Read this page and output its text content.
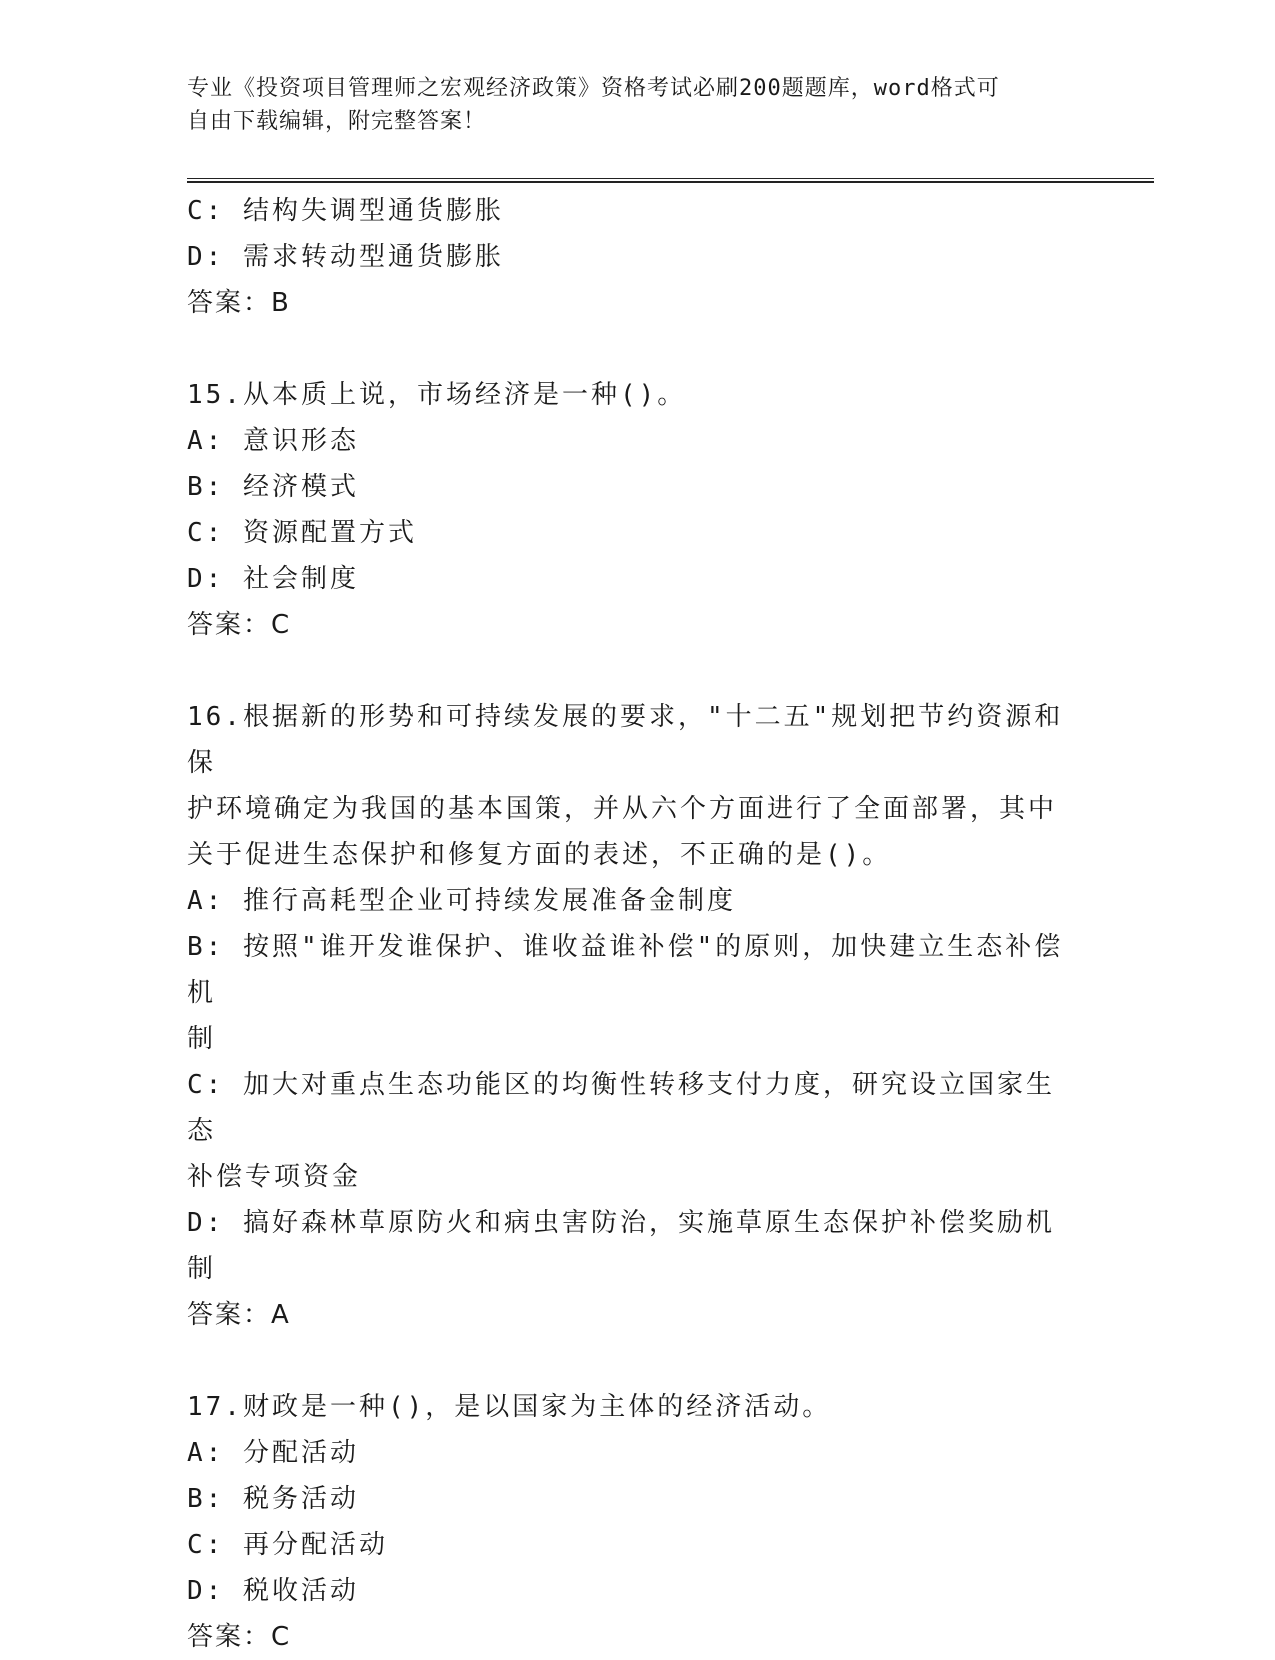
专业《投资项目管理师之宏观经济政策》资格考试必刷200题题库，word格式可
自由下载编辑，附完整答案！
C: 结构失调型通货膨胀
D: 需求转动型通货膨胀
答案：B
15.从本质上说，市场经济是一种()。
A: 意识形态
B: 经济模式
C: 资源配置方式
D: 社会制度
答案：C
16.根据新的形势和可持续发展的要求，"十二五"规划把节约资源和保
护环境确定为我国的基本国策，并从六个方面进行了全面部署，其中
关于促进生态保护和修复方面的表述，不正确的是()。
A: 推行高耗型企业可持续发展准备金制度
B: 按照"谁开发谁保护、谁收益谁补偿"的原则，加快建立生态补偿机
制
C: 加大对重点生态功能区的均衡性转移支付力度，研究设立国家生态
补偿专项资金
D: 搞好森林草原防火和病虫害防治，实施草原生态保护补偿奖励机制
答案：A
17.财政是一种()，是以国家为主体的经济活动。
A: 分配活动
B: 税务活动
C: 再分配活动
D: 税收活动
答案：C
